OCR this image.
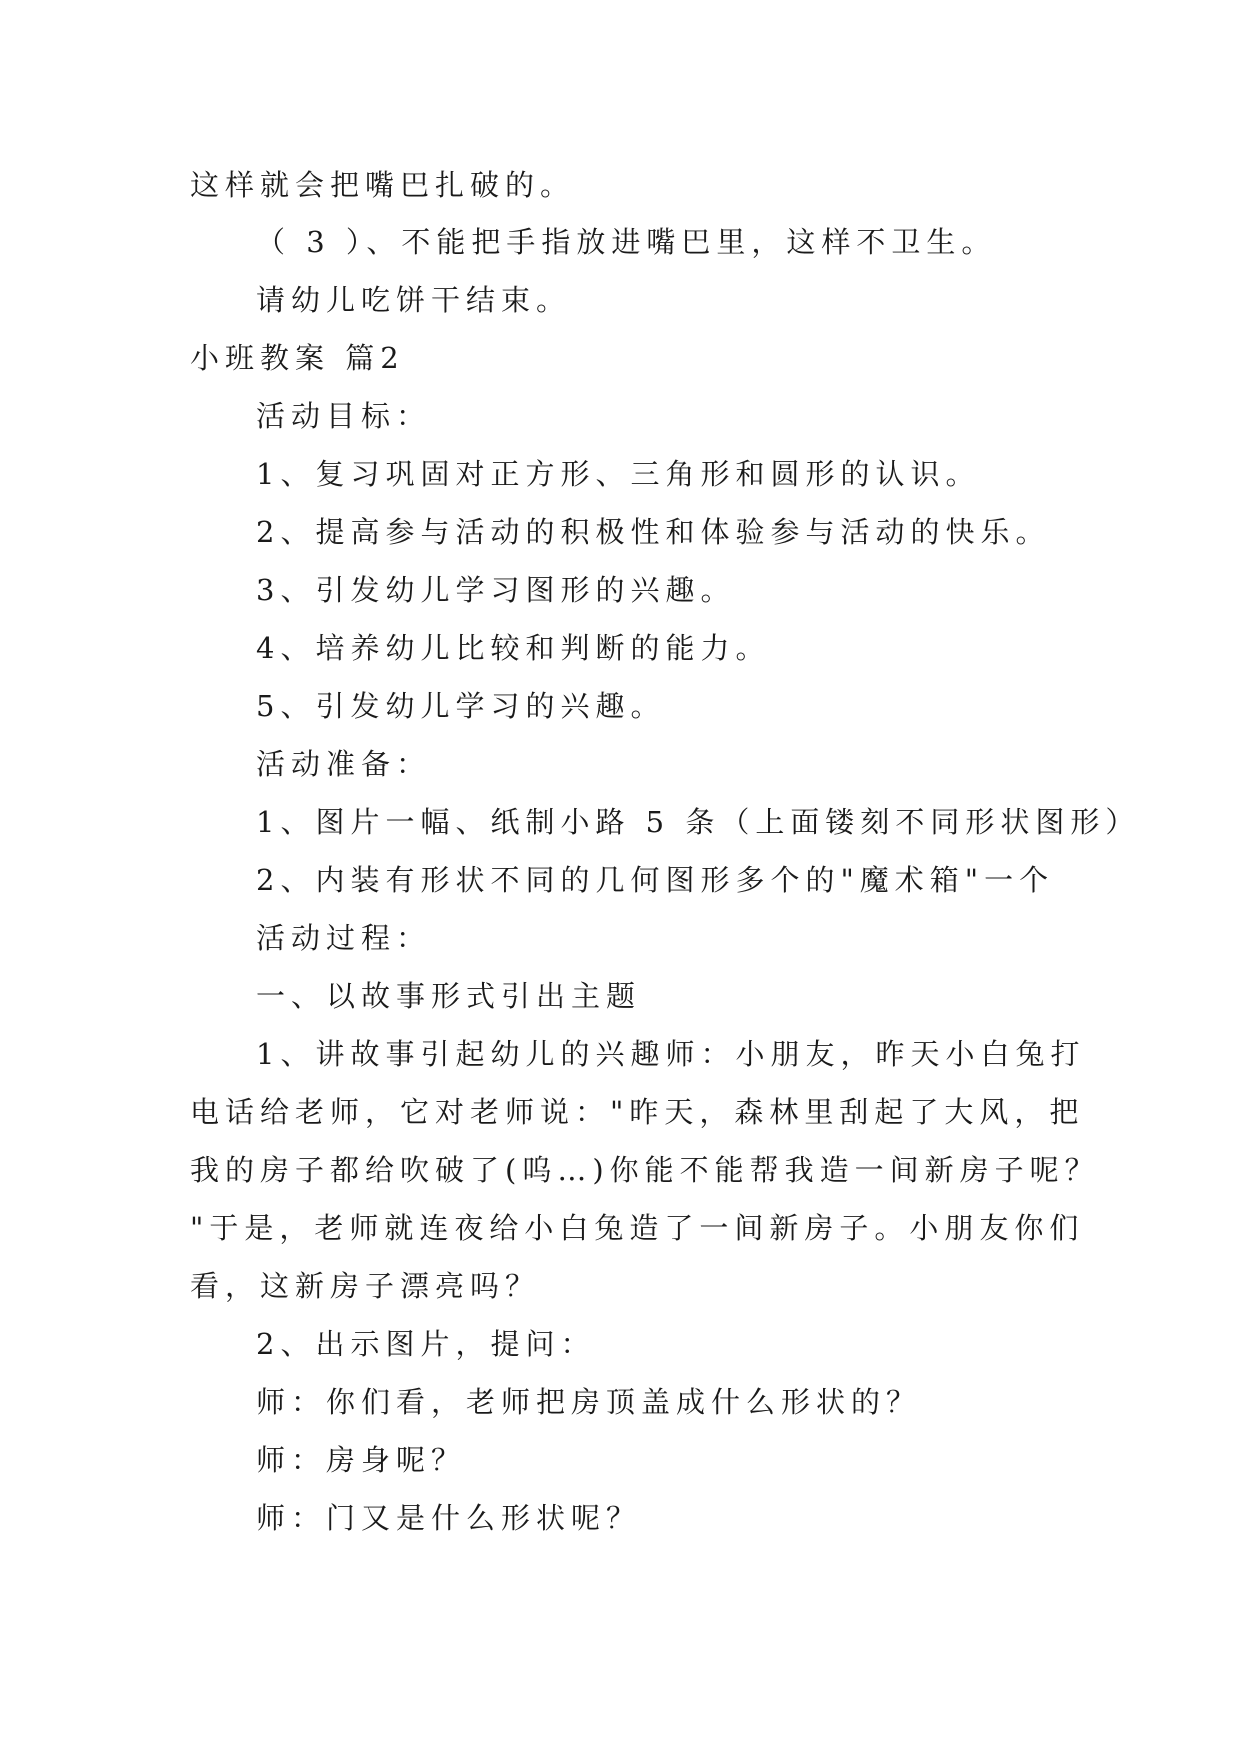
这样就会把嘴巴扎破的。
（ 3 ）、不能把手指放进嘴巴里，这样不卫生。
请幼儿吃饼干结束。
小班教案 篇2
活动目标：
1、复习巩固对正方形、三角形和圆形的认识。
2、提高参与活动的积极性和体验参与活动的快乐。
3、引发幼儿学习图形的兴趣。
4、培养幼儿比较和判断的能力。
5、引发幼儿学习的兴趣。
活动准备：
1、图片一幅、纸制小路 5 条（上面镂刻不同形状图形）
2、内装有形状不同的几何图形多个的"魔术箱"一个
活动过程：
一、以故事形式引出主题
1、讲故事引起幼儿的兴趣师：小朋友，昨天小白兔打
电话给老师，它对老师说："昨天，森林里刮起了大风，把
我的房子都给吹破了(呜…)你能不能帮我造一间新房子呢？
"于是，老师就连夜给小白兔造了一间新房子。小朋友你们
看，这新房子漂亮吗？
2、出示图片，提问：
师：你们看，老师把房顶盖成什么形状的？
师：房身呢？
师：门又是什么形状呢？
